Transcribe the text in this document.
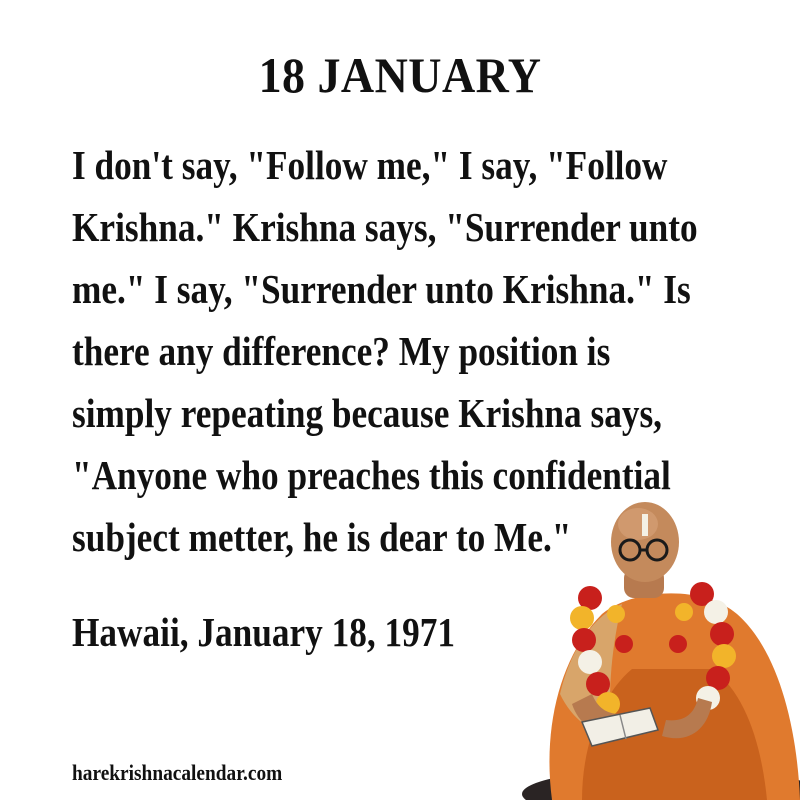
18 JANUARY
I don't say, "Follow me," I say, "Follow
Krishna." Krishna says, "Surrender unto
me." I say, "Surrender unto Krishna." Is
there any difference? My position is
simply repeating because Krishna says,
"Anyone who preaches this confidential
subject metter, he is dear to Me."
Hawaii, January 18, 1971
harekrishnacalendar.com
